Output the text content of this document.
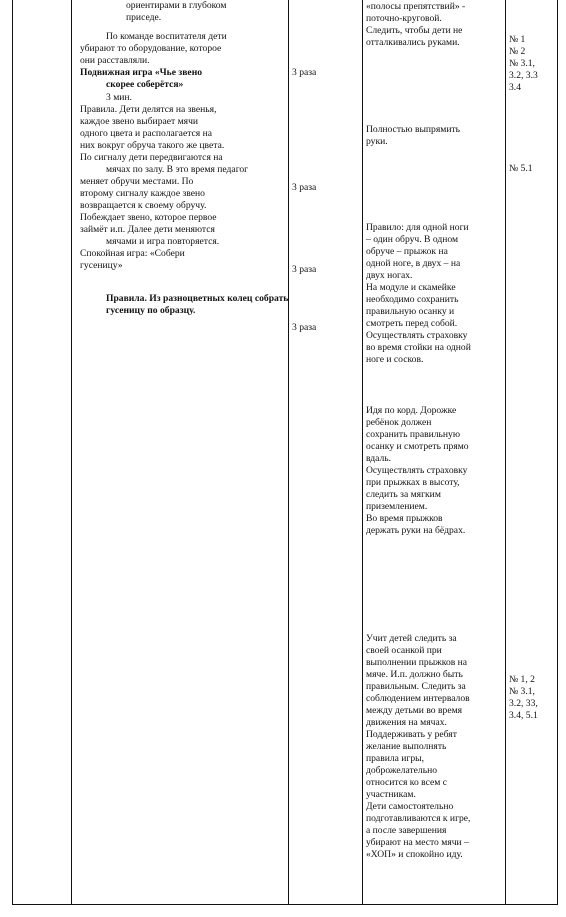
ориентирами в глубоком
приседе.
По команде воспитателя дети
убирают то оборудование, которое
они расставляли.
Подвижная игра «Чье звено
скорее соберётся»
3 мин.
Правила. Дети делятся на звенья,
каждое звено выбирает мячи
одного цвета и располагается на
них вокруг обруча такого же цвета.
По сигналу дети передвигаются на
мячах по залу. В это время педагог
меняет обручи местами. По
второму сигналу каждое звено
возвращается к своему обручу.
Побеждает звено, которое первое
займёт и.п. Далее дети меняются
мячами и игра повторяется.
Спокойная игра: «Собери
гусеницу»
Правила. Из разноцветных колец собрать
гусеницу по образцу.
3 раза
3 раза
3 раза
3 раза
«полосы препятствий» -
поточно-круговой.
Следить, чтобы дети не
отталкивались руками.
Полностью выпрямить
руки.
Правило: для одной ноги
– один обруч. В одном
обруче – прыжок на
одной ноге, в двух – на
двух ногах.
На модуле и скамейке
необходимо сохранить
правильную осанку и
смотреть перед собой.
Осуществлять страховку
во время стойки на одной
ноге и сосков.
Идя по корд. Дорожке
ребёнок должен
сохранить правильную
осанку и смотреть прямо
вдаль.
Осуществлять страховку
при прыжках в высоту,
следить за мягким
приземлением.
Во время прыжков
держать руки на бёдрах.
Учит детей следить за
своей осанкой при
выполнении прыжков на
мяче. И.п. должно быть
правильным. Следить за
соблюдением интервалов
между детьми во время
движения на мячах.
Поддерживать у ребят
желание выполнять
правила игры,
доброжелательно
относится ко всем с
участникам.
Дети самостоятельно
подготавливаются к игре,
а после завершения
убирают на место мячи –
«ХОП» и спокойно иду.
№ 1
№ 2
№ 3.1,
3.2, 3.3
3.4
№ 5.1
№ 1, 2
№ 3.1,
3.2, 33,
3.4, 5.1
